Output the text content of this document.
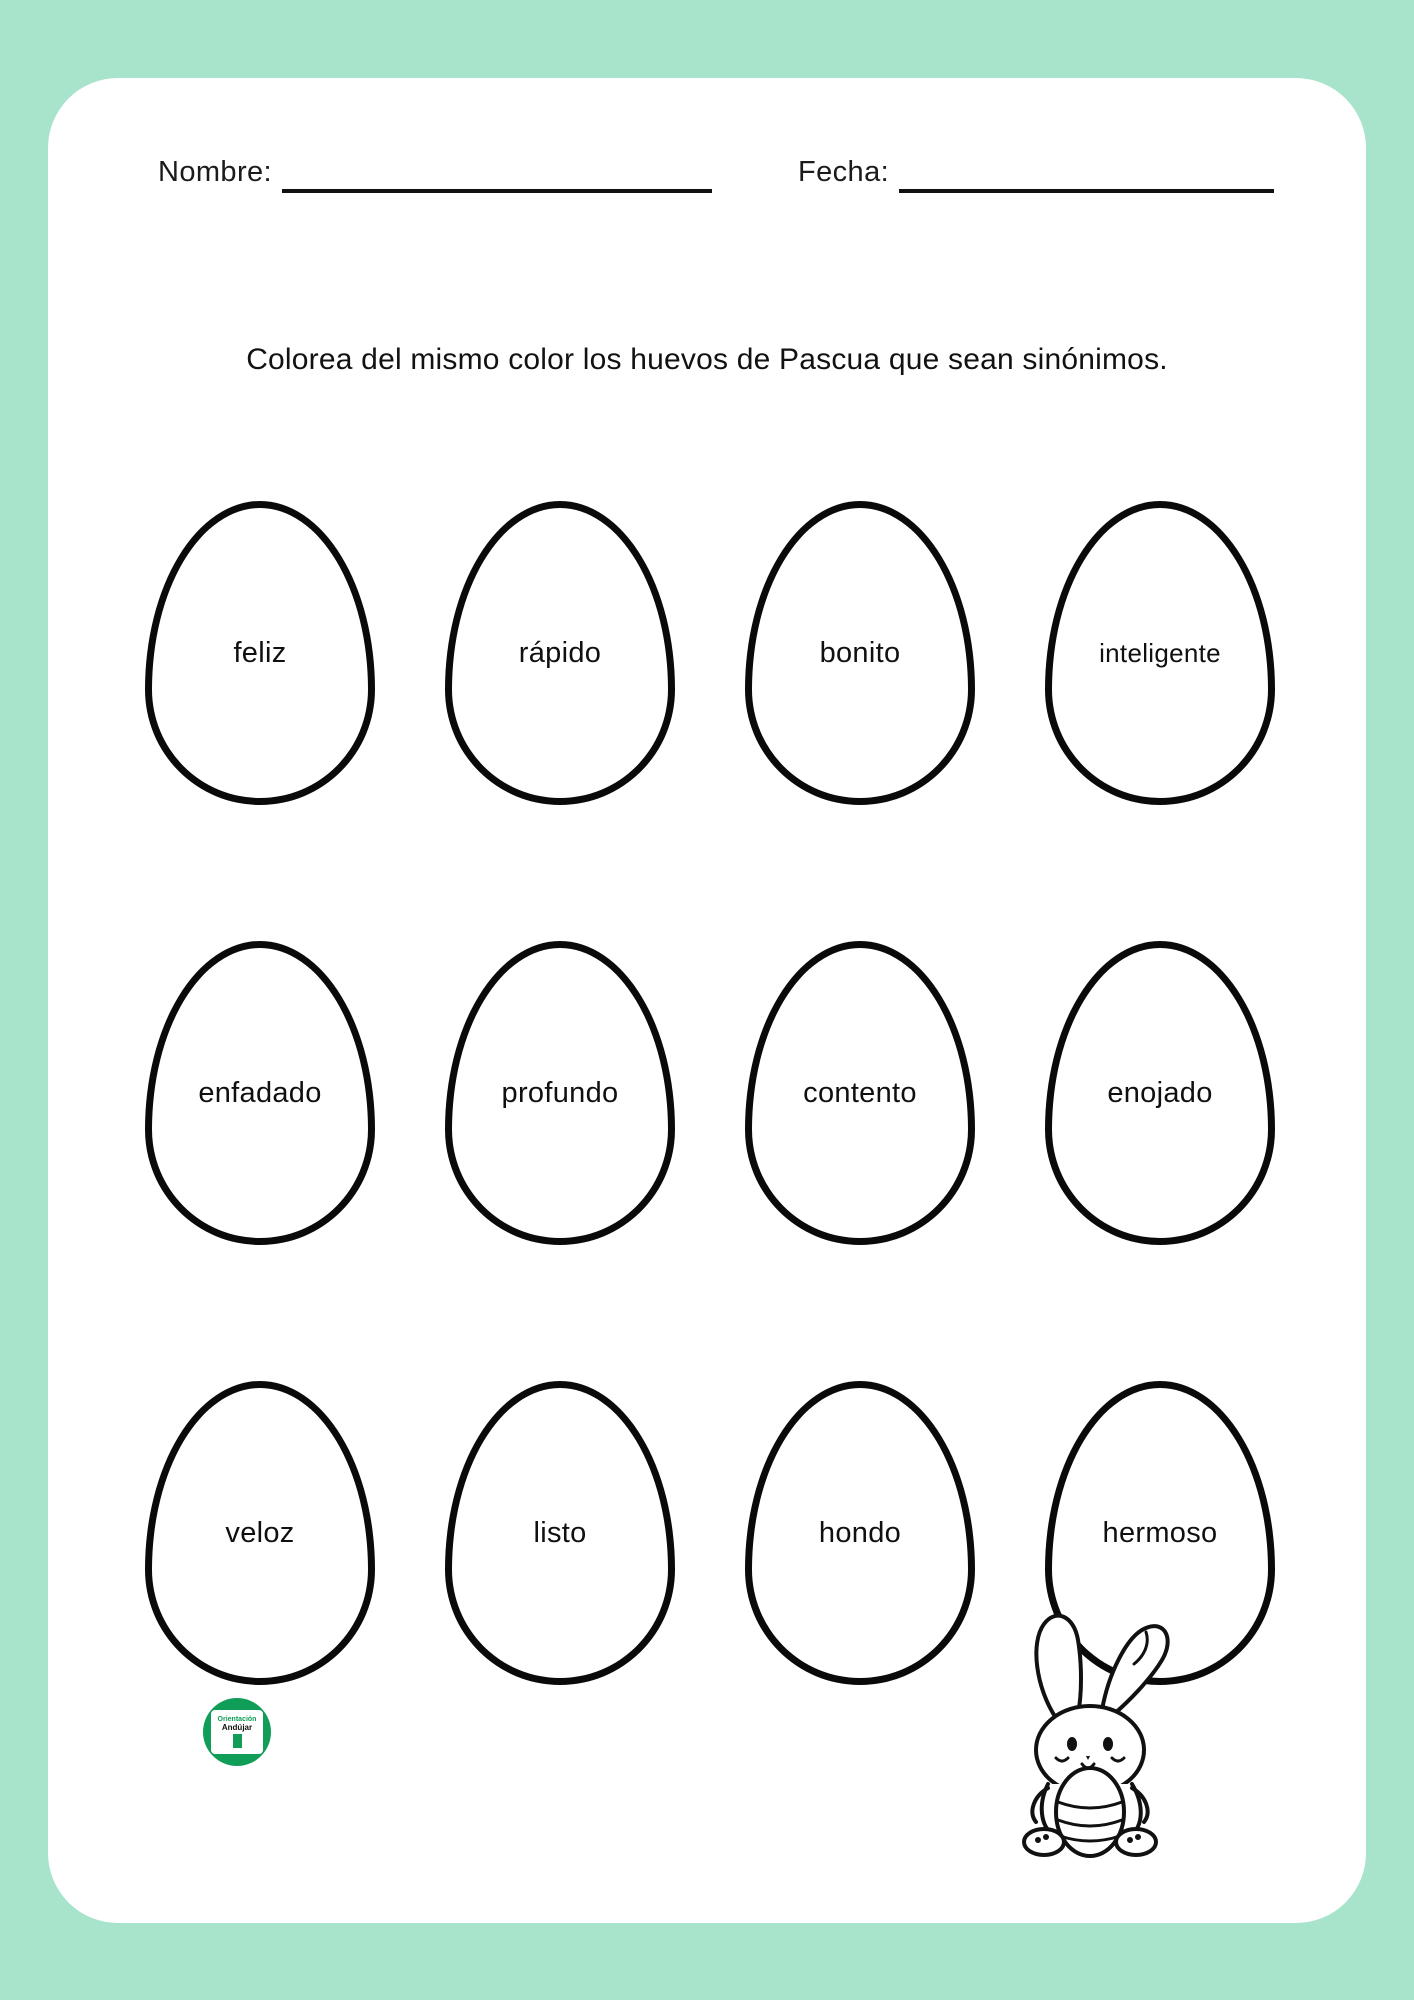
Nombre:	Fecha:
Colorea del mismo color los huevos de Pascua que sean sinónimos.
feliz	rápido	bonito	inteligente
enfadado	profundo	contento	enojado
veloz	listo	hondo	hermoso
Orientación
Andújar
